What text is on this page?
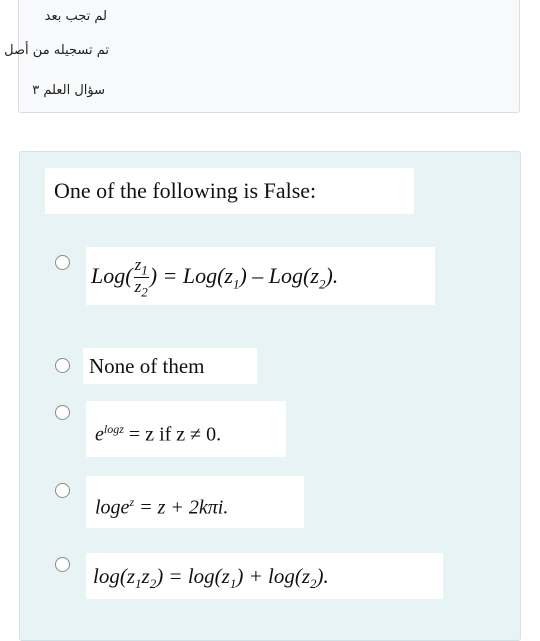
لم تجب بعد
تم تسجيله من أصل
سؤال العلم ٣
One of the following is False:
$Log( \frac{z_1}{z_2}$ ) = $Log(z_1) - Log(z_2)$.
None of them
$e^{logz} = z$ if z ≠ 0.
loge$^z$ = z + 2kπi.
$\log(z_1z_2) = \log(z_1) + \log(z_2)$.
